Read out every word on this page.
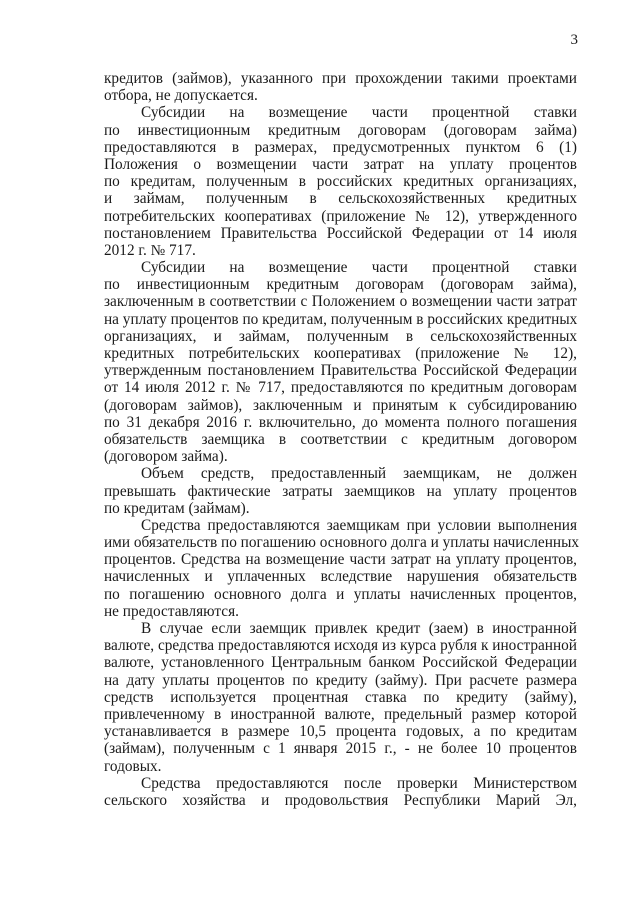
3
кредитов (займов), указанного при прохождении такими проектами
отбора, не допускается.
Субсидии на возмещение части процентной ставки
по инвестиционным кредитным договорам (договорам займа)
предоставляются в размерах, предусмотренных пунктом 6 (1)
Положения о возмещении части затрат на уплату процентов
по кредитам, полученным в российских кредитных организациях,
и займам, полученным в сельскохозяйственных кредитных
потребительских кооперативах (приложение № 12), утвержденного
постановлением Правительства Российской Федерации от 14 июля
2012 г. № 717.
Субсидии на возмещение части процентной ставки
по инвестиционным кредитным договорам (договорам займа),
заключенным в соответствии с Положением о возмещении части затрат
на уплату процентов по кредитам, полученным в российских кредитных
организациях, и займам, полученным в сельскохозяйственных
кредитных потребительских кооперативах (приложение № 12),
утвержденным постановлением Правительства Российской Федерации
от 14 июля 2012 г. № 717, предоставляются по кредитным договорам
(договорам займов), заключенным и принятым к субсидированию
по 31 декабря 2016 г. включительно, до момента полного погашения
обязательств заемщика в соответствии с кредитным договором
(договором займа).
Объем средств, предоставленный заемщикам, не должен
превышать фактические затраты заемщиков на уплату процентов
по кредитам (займам).
Средства предоставляются заемщикам при условии выполнения
ими обязательств по погашению основного долга и уплаты начисленных
процентов. Средства на возмещение части затрат на уплату процентов,
начисленных и уплаченных вследствие нарушения обязательств
по погашению основного долга и уплаты начисленных процентов,
не предоставляются.
В случае если заемщик привлек кредит (заем) в иностранной
валюте, средства предоставляются исходя из курса рубля к иностранной
валюте, установленного Центральным банком Российской Федерации
на дату уплаты процентов по кредиту (займу). При расчете размера
средств используется процентная ставка по кредиту (займу),
привлеченному в иностранной валюте, предельный размер которой
устанавливается в размере 10,5 процента годовых, а по кредитам
(займам), полученным с 1 января 2015 г., - не более 10 процентов
годовых.
Средства предоставляются после проверки Министерством
сельского хозяйства и продовольствия Республики Марий Эл,
